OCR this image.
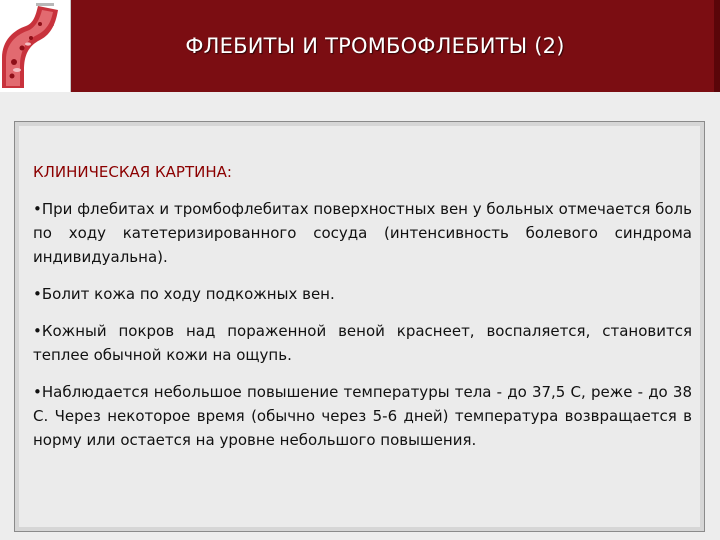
ФЛЕБИТЫ И ТРОМБОФЛЕБИТЫ (2)

КЛИНИЧЕСКАЯ КАРТИНА:

•При флебитах и тромбофлебитах поверхностных вен у больных отмечается боль по ходу катетеризированного сосуда (интенсивность болевого синдрома индивидуальна).

•Болит кожа по ходу подкожных вен.

•Кожный покров над пораженной веной краснеет, воспаляется, становится теплее обычной кожи на ощупь.

•Наблюдается небольшое повышение температуры тела - до 37,5 С, реже - до 38 С. Через некоторое время (обычно через 5-6 дней) температура возвращается в норму или остается на уровне небольшого повышения.
